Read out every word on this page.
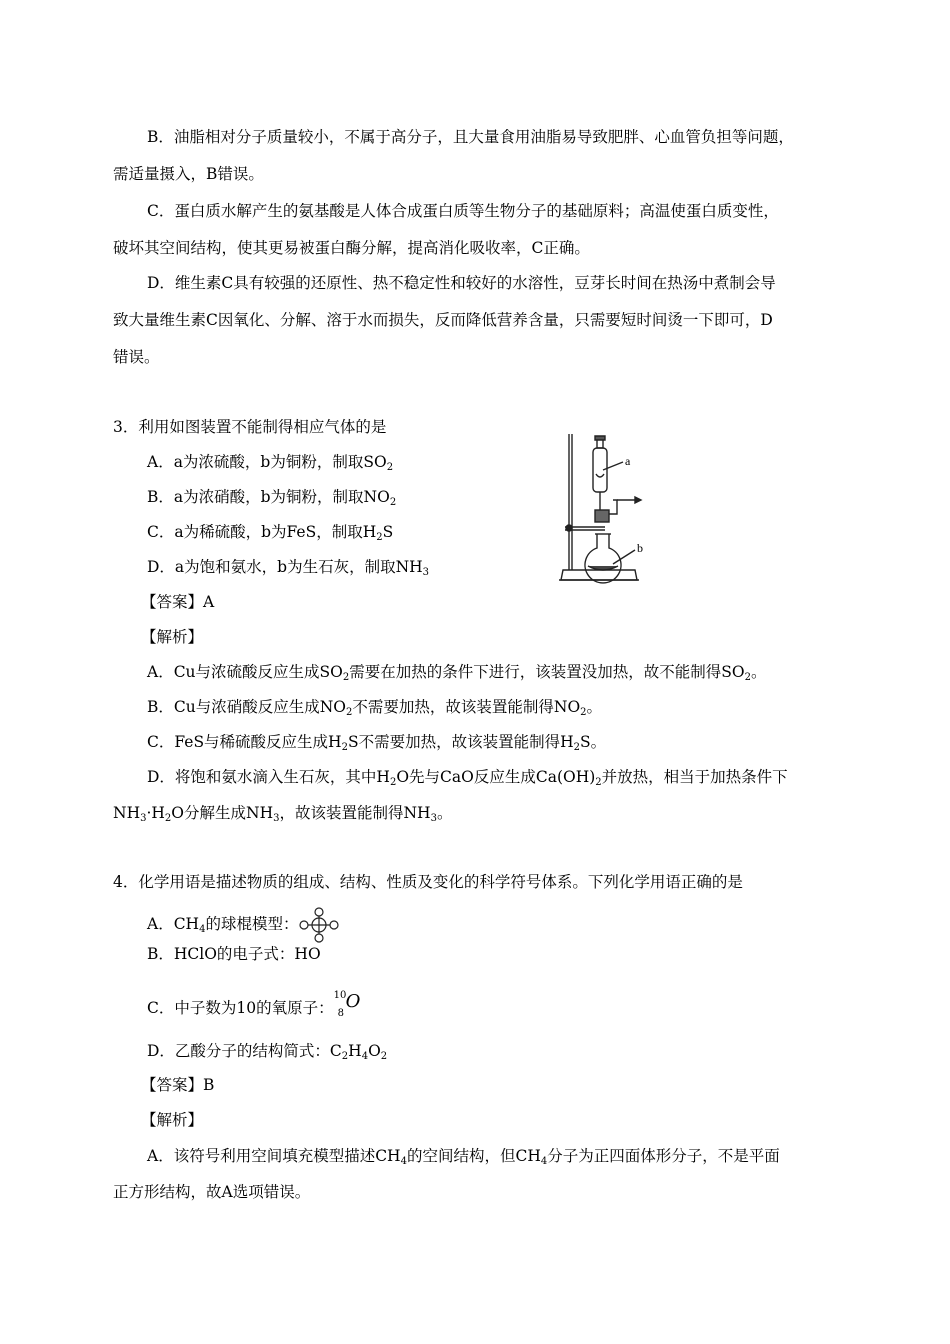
B．油脂相对分子质量较小，不属于高分子，且大量食用油脂易导致肥胖、心血管负担等问题，
需适量摄入，B错误。
C．蛋白质水解产生的氨基酸是人体合成蛋白质等生物分子的基础原料；高温使蛋白质变性，
破坏其空间结构，使其更易被蛋白酶分解，提高消化吸收率，C正确。
D．维生素C具有较强的还原性、热不稳定性和较好的水溶性，豆芽长时间在热汤中煮制会导
致大量维生素C因氧化、分解、溶于水而损失，反而降低营养含量，只需要短时间烫一下即可，D
错误。
3．利用如图装置不能制得相应气体的是
A．a为浓硫酸，b为铜粉，制取$SO_2$
B．a为浓硝酸，b为铜粉，制取$NO_2$
C．a为稀硫酸，b为FeS，制取$H_2S$
D．a为饱和氨水，b为生石灰，制取$NH_3$
a
b
【答案】A
【解析】
A．Cu与浓硫酸反应生成$SO_2$需要在加热的条件下进行，该装置没加热，故不能制得$SO_2$。
B．Cu与浓硝酸反应生成$NO_2$不需要加热，故该装置能制得$NO_2$。
C．FeS与稀硫酸反应生成$H_2S$不需要加热，故该装置能制得$H_2S$。
D．将饱和氨水滴入生石灰，其中$H_2O$先与CaO反应生成$Ca(OH)_2$并放热，相当于加热条件下
$NH_3\cdot H_2O$分解生成$NH_3$，故该装置能制得$NH_3$。
4．化学用语是描述物质的组成、结构、性质及变化的科学符号体系。下列化学用语正确的是
A．$CH_4$的球棍模型：
B．HClO的电子式：HO
C．中子数为10的氧原子：
10
8
O
D．乙酸分子的结构简式：$C_2H_4O_2$
【答案】B
【解析】
A．该符号利用空间填充模型描述$CH_4$的空间结构，但$CH_4$分子为正四面体形分子，不是平面
正方形结构，故A选项错误。
